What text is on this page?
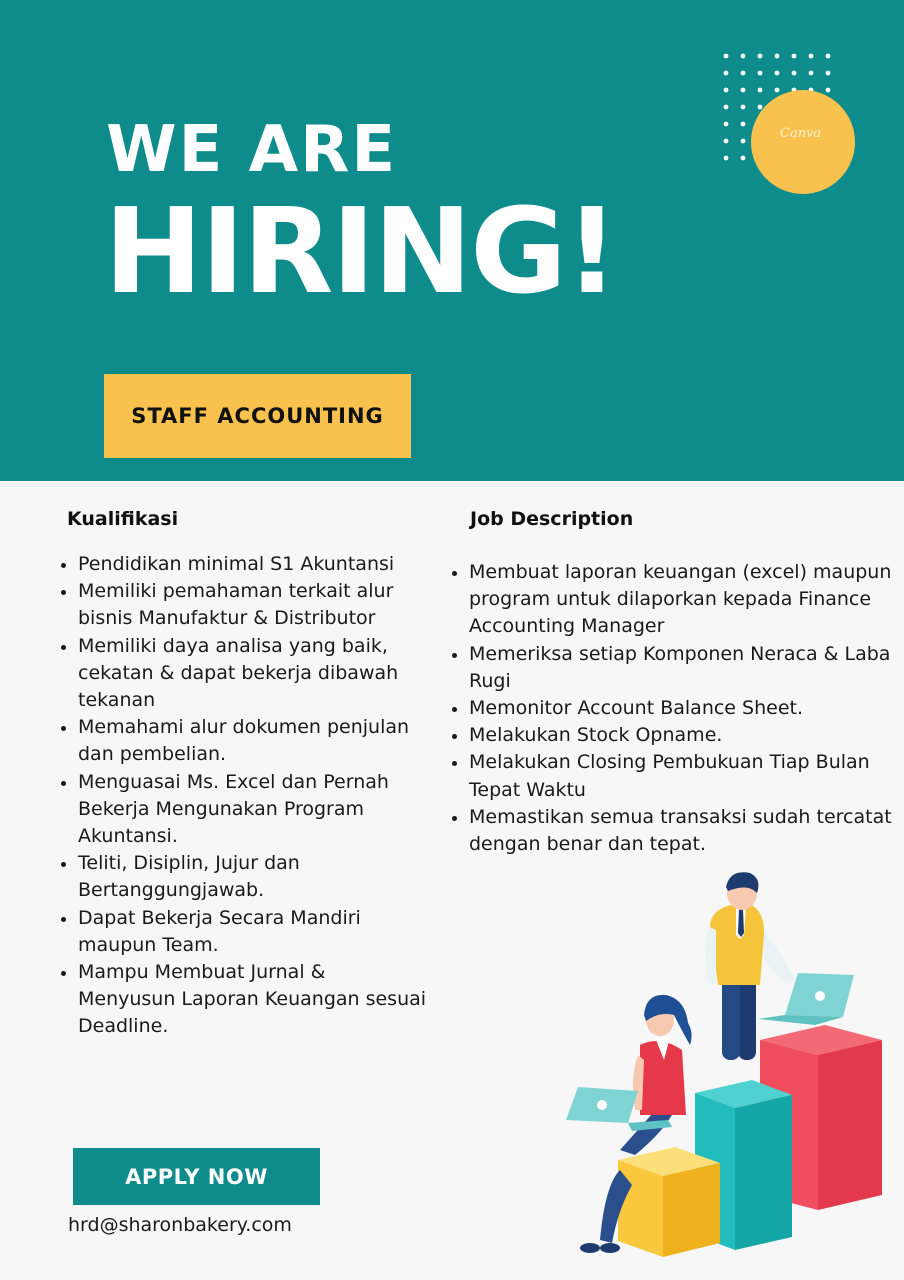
Canva
WE ARE
HIRING!
STAFF ACCOUNTING
Kualifikasi
• Pendidikan minimal S1 Akuntansi
• Memiliki pemahaman terkait alur bisnis Manufaktur & Distributor
• Memiliki daya analisa yang baik, cekatan & dapat bekerja dibawah tekanan
• Memahami alur dokumen penjulan dan pembelian.
• Menguasai Ms. Excel dan Pernah Bekerja Mengunakan Program Akuntansi.
• Teliti, Disiplin, Jujur dan Bertanggungjawab.
• Dapat Bekerja Secara Mandiri maupun Team.
• Mampu Membuat Jurnal & Menyusun Laporan Keuangan sesuai Deadline.
Job Description
• Membuat laporan keuangan (excel) maupun program untuk dilaporkan kepada Finance Accounting Manager
• Memeriksa setiap Komponen Neraca & Laba Rugi
• Memonitor Account Balance Sheet.
• Melakukan Stock Opname.
• Melakukan Closing Pembukuan Tiap Bulan Tepat Waktu
• Memastikan semua transaksi sudah tercatat dengan benar dan tepat.
APPLY NOW
hrd@sharonbakery.com
